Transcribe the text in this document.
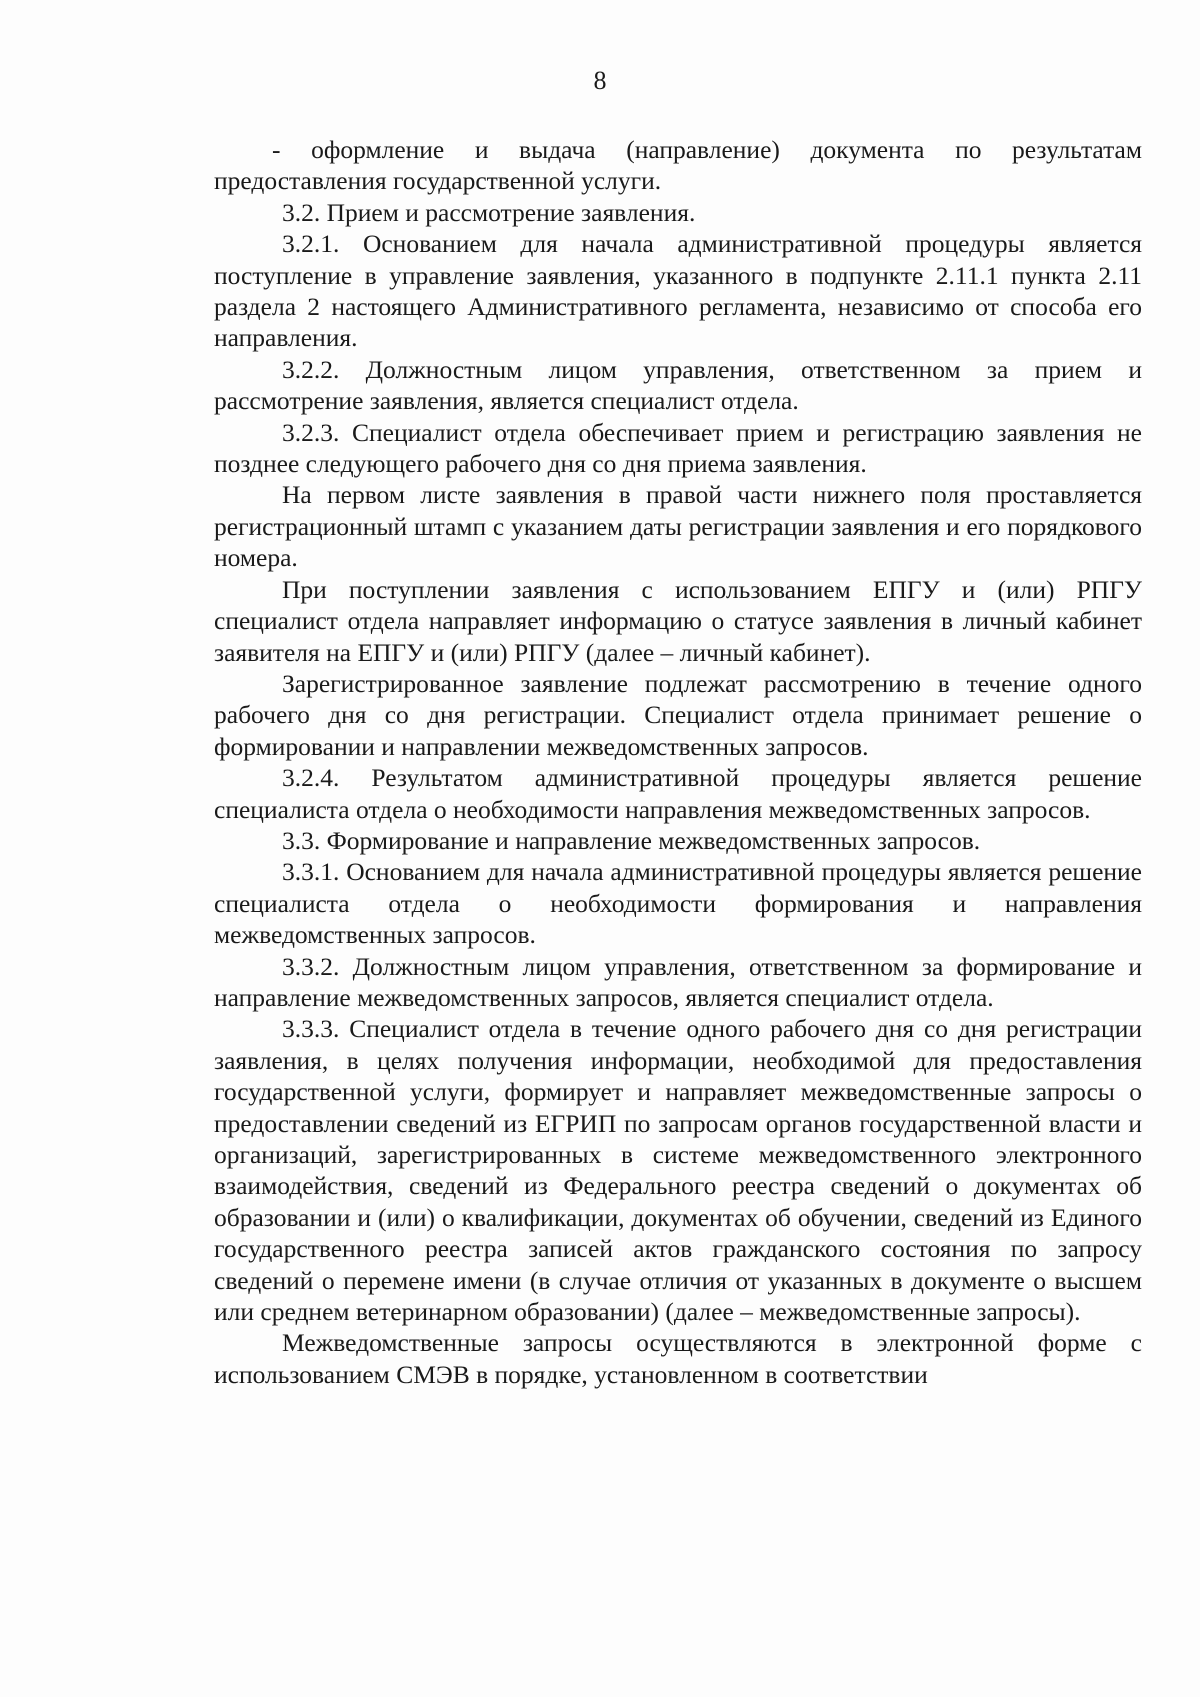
8

- оформление и выдача (направление) документа по результатам предоставления государственной услуги.

3.2. Прием и рассмотрение заявления.

3.2.1. Основанием для начала административной процедуры является поступление в управление заявления, указанного в подпункте 2.11.1 пункта 2.11 раздела 2 настоящего Административного регламента, независимо от способа его направления.

3.2.2. Должностным лицом управления, ответственном за прием и рассмотрение заявления, является специалист отдела.

3.2.3. Специалист отдела обеспечивает прием и регистрацию заявления не позднее следующего рабочего дня со дня приема заявления.

На первом листе заявления в правой части нижнего поля проставляется регистрационный штамп с указанием даты регистрации заявления и его порядкового номера.

При поступлении заявления с использованием ЕПГУ и (или) РПГУ специалист отдела направляет информацию о статусе заявления в личный кабинет заявителя на ЕПГУ и (или) РПГУ (далее – личный кабинет).

Зарегистрированное заявление подлежат рассмотрению в течение одного рабочего дня со дня регистрации. Специалист отдела принимает решение о формировании и направлении межведомственных запросов.

3.2.4. Результатом административной процедуры является решение специалиста отдела о необходимости направления межведомственных запросов.

3.3. Формирование и направление межведомственных запросов.

3.3.1. Основанием для начала административной процедуры является решение специалиста отдела о необходимости формирования и направления межведомственных запросов.

3.3.2. Должностным лицом управления, ответственном за формирование и направление межведомственных запросов, является специалист отдела.

3.3.3. Специалист отдела в течение одного рабочего дня со дня регистрации заявления, в целях получения информации, необходимой для предоставления государственной услуги, формирует и направляет межведомственные запросы о предоставлении сведений из ЕГРИП по запросам органов государственной власти и организаций, зарегистрированных в системе межведомственного электронного взаимодействия, сведений из Федерального реестра сведений о документах об образовании и (или) о квалификации, документах об обучении, сведений из Единого государственного реестра записей актов гражданского состояния по запросу сведений о перемене имени (в случае отличия от указанных в документе о высшем или среднем ветеринарном образовании) (далее – межведомственные запросы).

Межведомственные запросы осуществляются в электронной форме с использованием СМЭВ в порядке, установленном в соответствии
